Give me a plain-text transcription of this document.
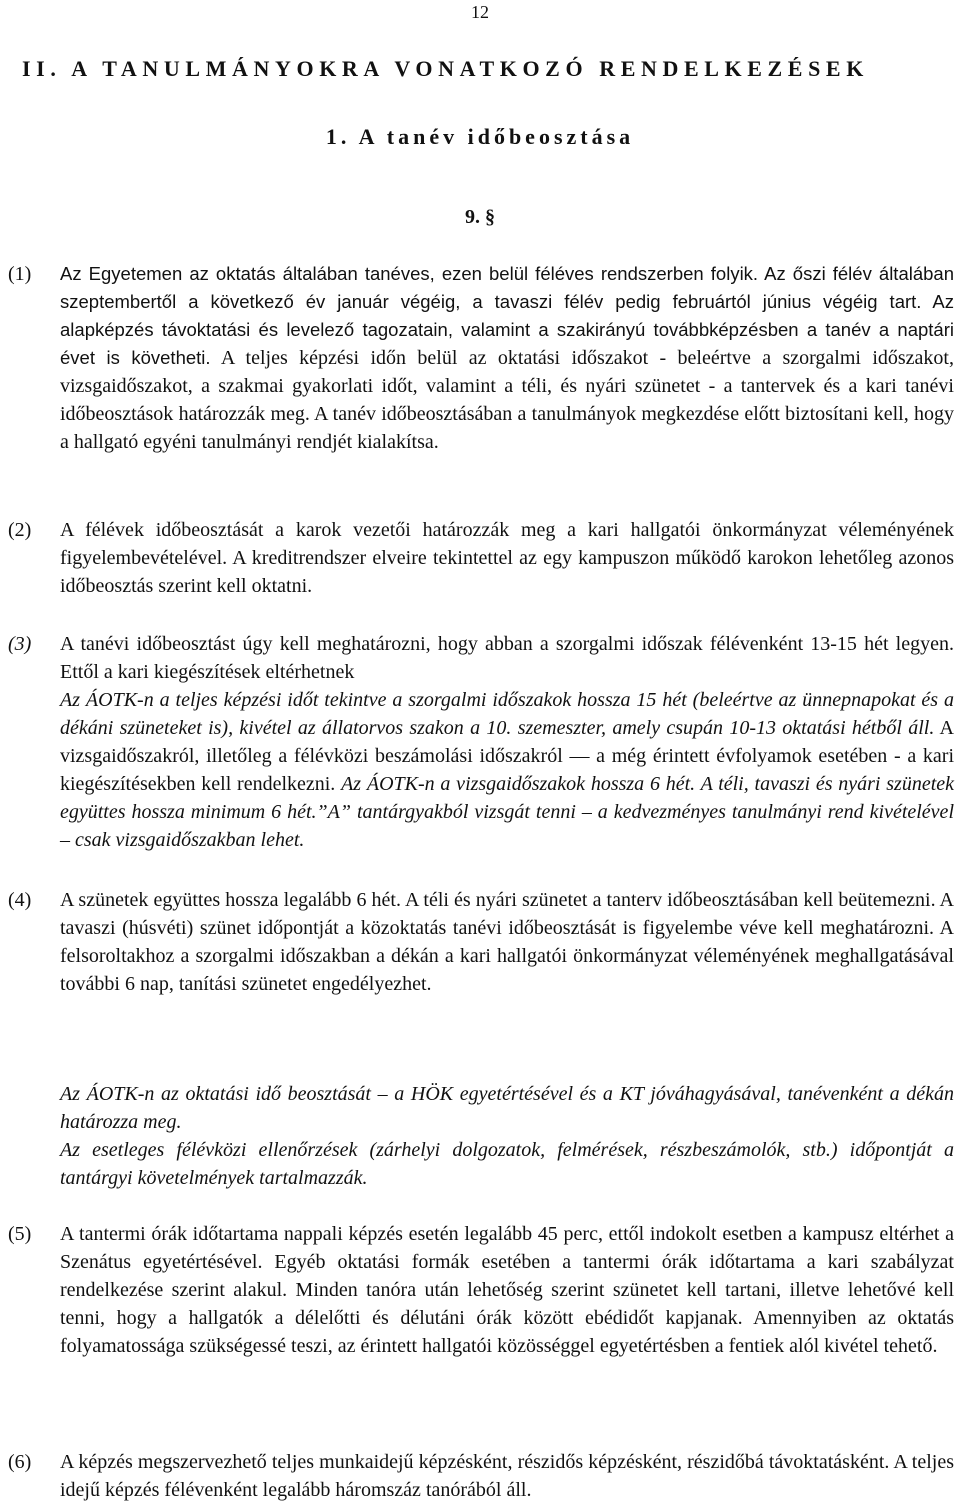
12
II. A TANULMÁNYOKRA VONATKOZÓ RENDELKEZÉSEK
1. A tanév időbeosztása
9. §
(1) Az Egyetemen az oktatás általában tanéves, ezen belül féléves rendszerben folyik. Az őszi félév általában szeptembertől a következő év január végéig, a tavaszi félév pedig februártól június végéig tart. Az alapképzés távoktatási és levelező tagozatain, valamint a szakirányú továbbképzésben a tanév a naptári évet is követheti. A teljes képzési időn belül az oktatási időszakot - beleértve a szorgalmi időszakot, vizsgaidőszakot, a szakmai gyakorlati időt, valamint a téli, és nyári szünetet - a tantervek és a kari tanévi időbeosztások határozzák meg. A tanév időbeosztásában a tanulmányok megkezdése előtt biztosítani kell, hogy a hallgató egyéni tanulmányi rendjét kialakítsa.
(2) A félévek időbeosztását a karok vezetői határozzák meg a kari hallgatói önkormányzat véleményének figyelembevételével. A kreditrendszer elveire tekintettel az egy kampuszon működő karokon lehetőleg azonos időbeosztás szerint kell oktatni.
(3) A tanévi időbeosztást úgy kell meghatározni, hogy abban a szorgalmi időszak félévenként 13-15 hét legyen. Ettől a kari kiegészítések eltérhetnek
Az ÁOTK-n a teljes képzési időt tekintve a szorgalmi időszakok hossza 15 hét (beleértve az ünnepnapokat és a dékáni szüneteket is), kivétel az állatorvos szakon a 10. szemeszter, amely csupán 10-13 oktatási hétből áll. A vizsgaidőszakról, illetőleg a félévközi beszámolási időszakról — a még érintett évfolyamok esetében - a kari kiegészítésekben kell rendelkezni. Az ÁOTK-n a vizsgaidőszakok hossza 6 hét. A téli, tavaszi és nyári szünetek együttes hossza minimum 6 hét.”A” tantárgyakból vizsgát tenni – a kedvezményes tanulmányi rend kivételével – csak vizsgaidőszakban lehet.
(4) A szünetek együttes hossza legalább 6 hét. A téli és nyári szünetet a tanterv időbeosztásában kell beütemezni. A tavaszi (húsvéti) szünet időpontját a közoktatás tanévi időbeosztását is figyelembe véve kell meghatározni. A felsoroltakhoz a szorgalmi időszakban a dékán a kari hallgatói önkormányzat véleményének meghallgatásával további 6 nap, tanítási szünetet engedélyezhet.
Az ÁOTK-n az oktatási idő beosztását – a HÖK egyetértésével és a KT jóváhagyásával, tanévenként a dékán határozza meg.
Az esetleges félévközi ellenőrzések (zárhelyi dolgozatok, felmérések, részbeszámolók, stb.) időpontját a tantárgyi követelmények tartalmazzák.
(5) A tantermi órák időtartama nappali képzés esetén legalább 45 perc, ettől indokolt esetben a kampusz eltérhet a Szenátus egyetértésével. Egyéb oktatási formák esetében a tantermi órák időtartama a kari szabályzat rendelkezése szerint alakul. Minden tanóra után lehetőség szerint szünetet kell tartani, illetve lehetővé kell tenni, hogy a hallgatók a délelőtti és délutáni órák között ebédidőt kapjanak. Amennyiben az oktatás folyamatossága szükségessé teszi, az érintett hallgatói közösséggel egyetértésben a fentiek alól kivétel tehető.
(6) A képzés megszervezhető teljes munkaidejű képzésként, részidős képzésként, részidőbá távoktatásként. A teljes idejű képzés félévenként legalább háromszáz tanórából áll.
